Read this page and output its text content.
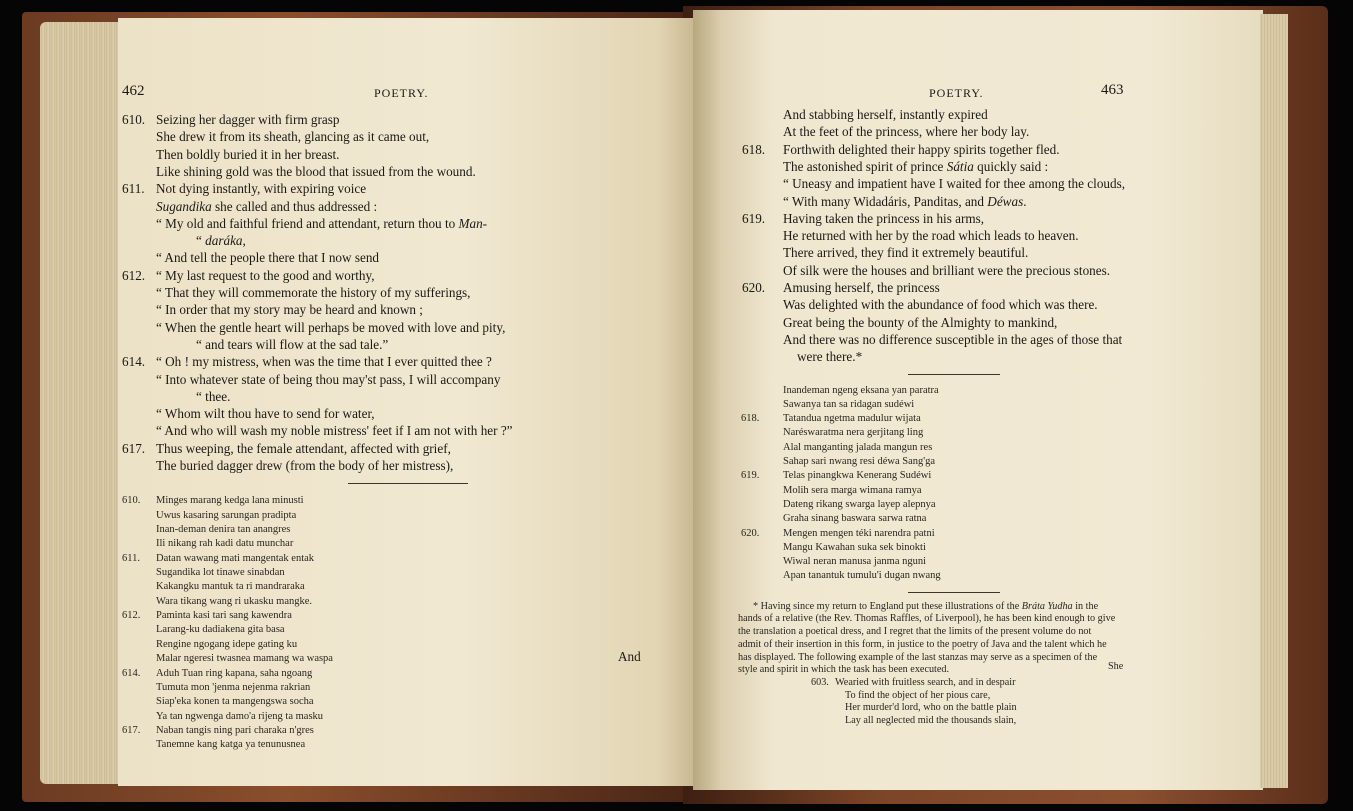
462	POETRY.
610. Seizing her dagger with firm grasp
She drew it from its sheath, glancing as it came out,
Then boldly buried it in her breast.
Like shining gold was the blood that issued from the wound.
611. Not dying instantly, with expiring voice
Sugandika she called and thus addressed :
“ My old and faithful friend and attendant, return thou to Man-
“ daráka,
“ And tell the people there that I now send
612. “ My last request to the good and worthy,
“ That they will commemorate the history of my sufferings,
“ In order that my story may be heard and known ;
“ When the gentle heart will perhaps be moved with love and pity,
“ and tears will flow at the sad tale.”
614. “ Oh ! my mistress, when was the time that I ever quitted thee ?
“ Into whatever state of being thou may'st pass, I will accompany
“ thee.
“ Whom wilt thou have to send for water,
“ And who will wash my noble mistress' feet if I am not with her ?”
617. Thus weeping, the female attendant, affected with grief,
The buried dagger drew (from the body of her mistress),
610. Minges marang kedga lana minusti
Uwus kasaring sarungan pradipta
Inan-deman denira tan anangres
Ili nikang rah kadi datu munchar
611. Datan wawang mati mangentak entak
Sugandika lot tinawe sinabdan
Kakangku mantuk ta ri mandraraka
Wara tikang wang ri ukasku mangke.
612. Paminta kasi tari sang kawendra
Larang-ku dadiakena gita basa
Rengine ngogang idepe gating ku
Malar ngeresi twasnea mamang wa waspa
614. Aduh Tuan ring kapana, saha ngoang
Tumuta mon 'jenma nejenma rakrian
Siap'eka konen ta mangengswa socha
Ya tan ngwenga damo'a rijeng ta masku
617. Naban tangis ning pari charaka n'gres
Tanemne kang katga ya tenunusnea
And
POETRY.	463
And stabbing herself, instantly expired
At the feet of the princess, where her body lay.
618. Forthwith delighted their happy spirits together fled.
The astonished spirit of prince Sátia quickly said :
“ Uneasy and impatient have I waited for thee among the clouds,
“ With many Widadáris, Panditas, and Déwas.
619. Having taken the princess in his arms,
He returned with her by the road which leads to heaven.
There arrived, they find it extremely beautiful.
Of silk were the houses and brilliant were the precious stones.
620. Amusing herself, the princess
Was delighted with the abundance of food which was there.
Great being the bounty of the Almighty to mankind,
And there was no difference susceptible in the ages of those that
were there.*
Inandeman ngeng eksana yan paratra
Sawanya tan sa ridagan sudéwi
618. Tatandua ngetma madulur wijata
Naréswaratma nera gerjitang ling
Alal manganting jalada mangun res
Sahap sari nwang resi déwa Sang'ga
619. Telas pinangkwa Kenerang Sudéwi
Molih sera marga wimana ramya
Dateng rikang swarga layep alepnya
Graha sinang baswara sarwa ratna
620. Mengen mengen téki narendra patni
Mangu Kawahan suka sek binokti
Wiwal neran manusa janma nguni
Apan tanantuk tumulu'i dugan nwang
* Having since my return to England put these illustrations of the Bráta Yudha in the
hands of a relative (the Rev. Thomas Raffles, of Liverpool), he has been kind enough to give
the translation a poetical dress, and I regret that the limits of the present volume do not
admit of their insertion in this form, in justice to the poetry of Java and the talent which he
has displayed. The following example of the last stanzas may serve as a specimen of the
style and spirit in which the task has been executed.
603. Wearied with fruitless search, and in despair
To find the object of her pious care,
Her murder'd lord, who on the battle plain
Lay all neglected mid the thousands slain,
She
